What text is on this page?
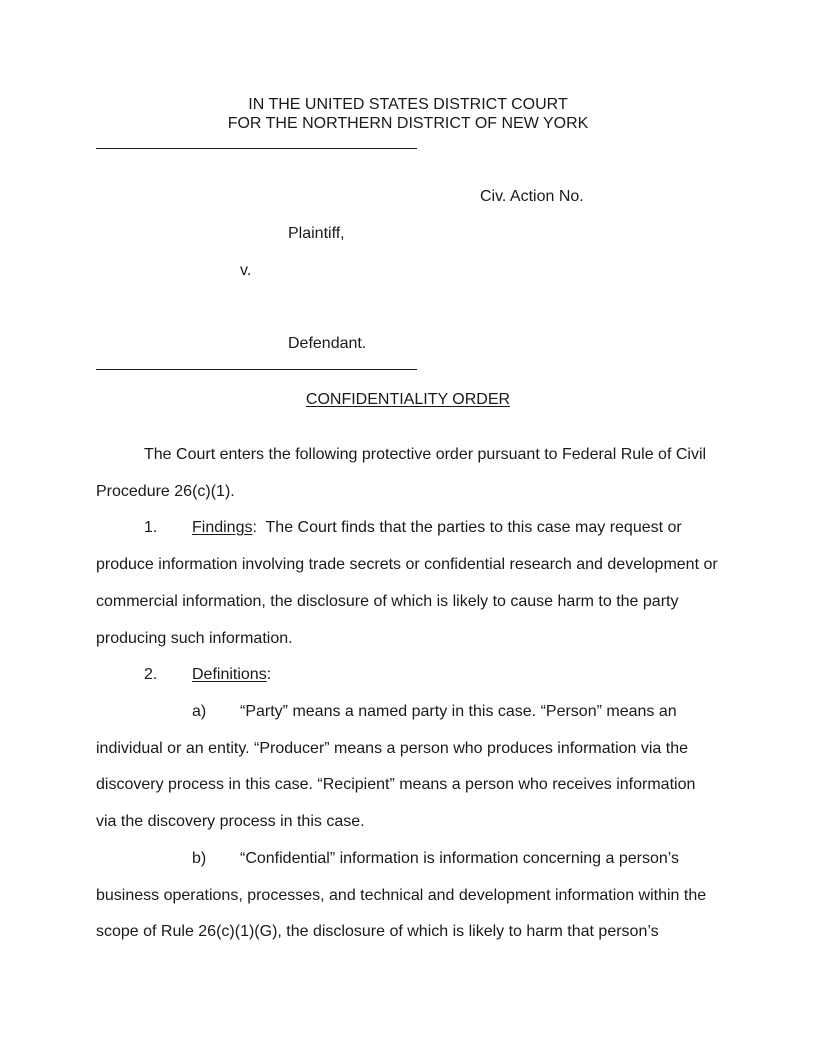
IN THE UNITED STATES DISTRICT COURT
FOR THE NORTHERN DISTRICT OF NEW YORK
Civ. Action No.
Plaintiff,
v.
Defendant.
CONFIDENTIALITY ORDER
The Court enters the following protective order pursuant to Federal Rule of Civil
Procedure 26(c)(1).
1. Findings:  The Court finds that the parties to this case may request or
produce information involving trade secrets or confidential research and development or
commercial information, the disclosure of which is likely to cause harm to the party
producing such information.
2. Definitions:
a) “Party” means a named party in this case. “Person” means an
individual or an entity. “Producer” means a person who produces information via the
discovery process in this case. “Recipient” means a person who receives information
via the discovery process in this case.
b) “Confidential” information is information concerning a person’s
business operations, processes, and technical and development information within the
scope of Rule 26(c)(1)(G), the disclosure of which is likely to harm that person’s
